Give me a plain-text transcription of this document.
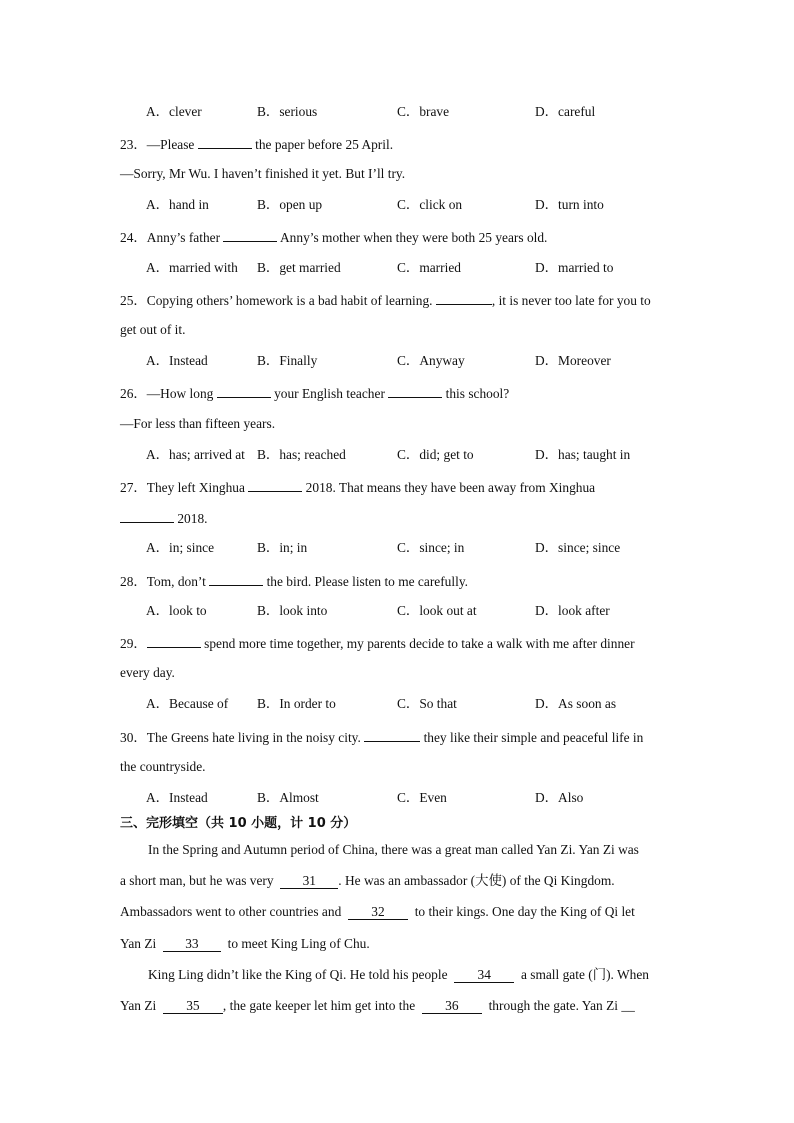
A．clever	B．serious	C．brave	D．careful
23．—Please	the paper before 25 April.
—Sorry, Mr Wu. I haven’t finished it yet. But I’ll try.
A．hand in	B．open up	C．click on	D．turn into
24．Anny’s father	Anny’s mother when they were both 25 years old.
A．married with B．get married	C．married	D．married to
25．Copying others’ homework is a bad habit of learning.	, it is never too late for you to
get out of it.
A．Instead	B．Finally	C．Anyway	D．Moreover
26．—How long	your English teacher	this school?
—For less than fifteen years.
A．has; arrived at B．has; reached	C．did; get to	D．has; taught in
27．They left Xinghua	2018. That means they have been away from Xinghua
2018.
A．in; since	B．in; in	C．since; in	D．since; since
28．Tom, don’t	the bird. Please listen to me carefully.
A．look to	B．look into	C．look out at	D．look after
29．	spend more time together, my parents decide to take a walk with me after dinner
every day.
A．Because of B．In order to	C．So that	D．As soon as
30．The Greens hate living in the noisy city.	they like their simple and peaceful life in
the countryside.
A．Instead	B．Almost	C．Even	D．Also
三、完形填空（共 10 小题，计 10 分）
In the Spring and Autumn period of China, there was a great man called Yan Zi. Yan Zi was
a short man, but he was very 31 . He was an ambassador (大使) of the Qi Kingdom.
Ambassadors went to other countries and 32 to their kings. One day the King of Qi let
Yan Zi 33 to meet King Ling of Chu.
King Ling didn’t like the King of Qi. He told his people 34 a small gate (门). When
Yan Zi 35 , the gate keeper let him get into the 36 through the gate. Yan Zi __
